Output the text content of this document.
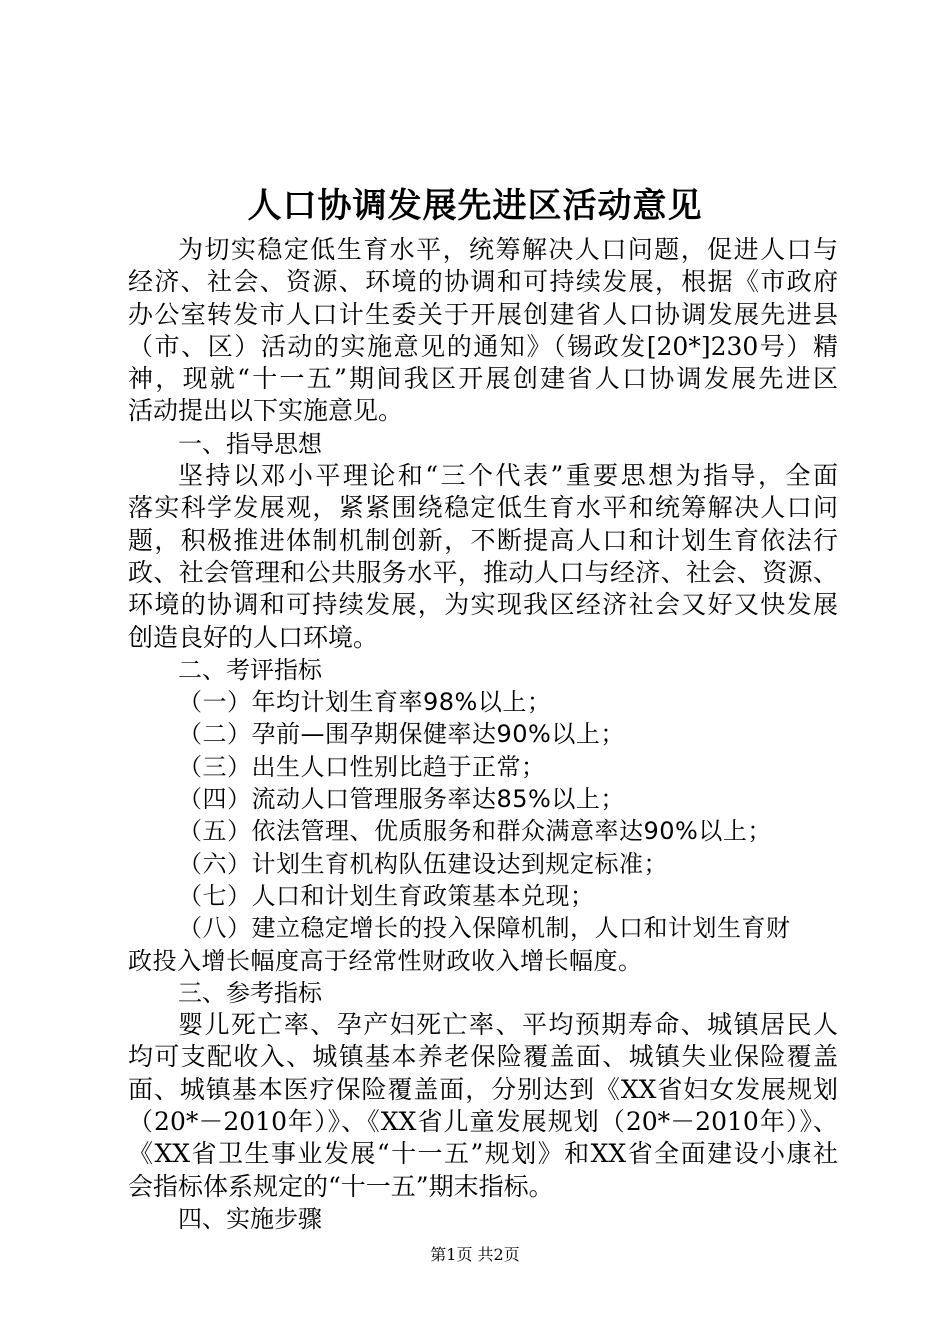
人口协调发展先进区活动意见
为切实稳定低生育水平，统筹解决人口问题，促进人口与
经济、社会、资源、环境的协调和可持续发展，根据《市政府
办公室转发市人口计生委关于开展创建省人口协调发展先进县
（市、区）活动的实施意见的通知》（锡政发[20*]230号）精
神，现就“十一五”期间我区开展创建省人口协调发展先进区
活动提出以下实施意见。
一、指导思想
坚持以邓小平理论和“三个代表”重要思想为指导，全面
落实科学发展观，紧紧围绕稳定低生育水平和统筹解决人口问
题，积极推进体制机制创新，不断提高人口和计划生育依法行
政、社会管理和公共服务水平，推动人口与经济、社会、资源、
环境的协调和可持续发展，为实现我区经济社会又好又快发展
创造良好的人口环境。
二、考评指标
（一）年均计划生育率98%以上；
（二）孕前—围孕期保健率达90%以上；
（三）出生人口性别比趋于正常；
（四）流动人口管理服务率达85%以上；
（五）依法管理、优质服务和群众满意率达90%以上；
（六）计划生育机构队伍建设达到规定标准；
（七）人口和计划生育政策基本兑现；
（八）建立稳定增长的投入保障机制，人口和计划生育财
政投入增长幅度高于经常性财政收入增长幅度。
三、参考指标
婴儿死亡率、孕产妇死亡率、平均预期寿命、城镇居民人
均可支配收入、城镇基本养老保险覆盖面、城镇失业保险覆盖
面、城镇基本医疗保险覆盖面，分别达到《XX省妇女发展规划
（20*－2010年）》、《XX省儿童发展规划（20*－2010年）》、
《XX省卫生事业发展“十一五”规划》和XX省全面建设小康社
会指标体系规定的“十一五”期末指标。
四、实施步骤
第1页 共2页
